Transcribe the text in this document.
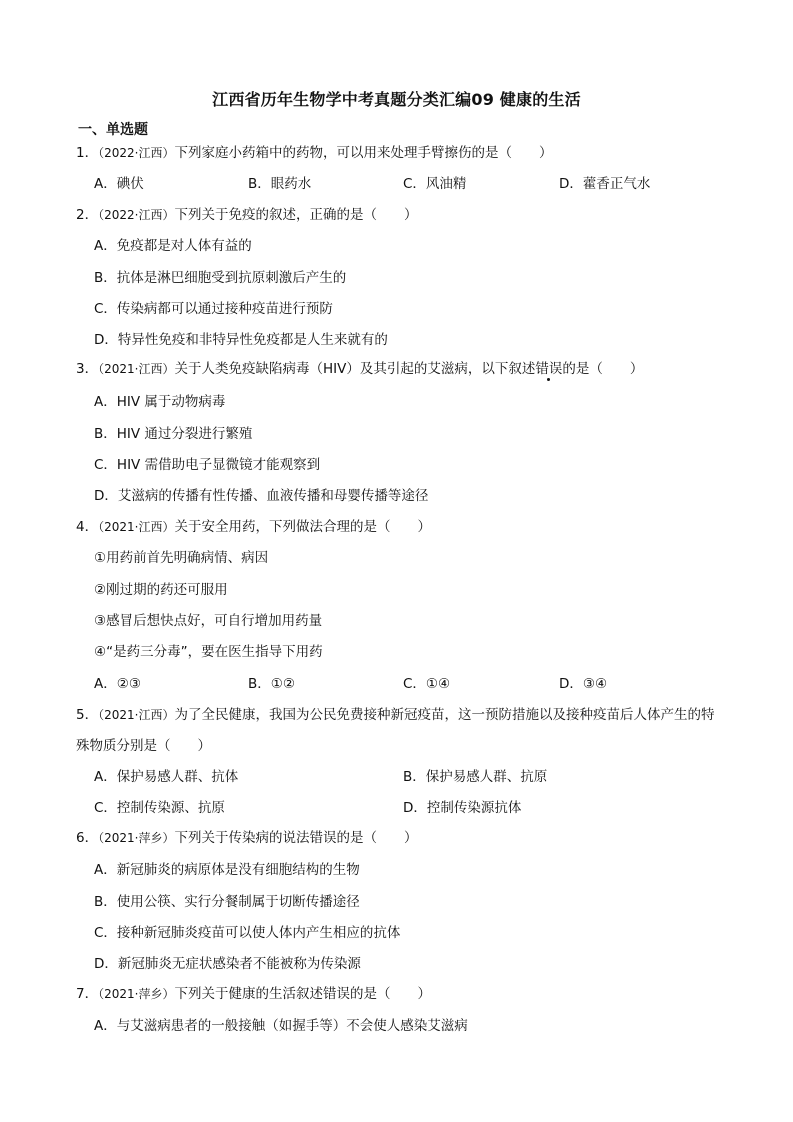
江西省历年生物学中考真题分类汇编09 健康的生活
一、单选题
1．（2022·江西）下列家庭小药箱中的药物，可以用来处理手臂擦伤的是（　　）
A．碘伏	B．眼药水	C．风油精	D．藿香正气水
2．（2022·江西）下列关于免疫的叙述，正确的是（　　）
A．免疫都是对人体有益的
B．抗体是淋巴细胞受到抗原刺激后产生的
C．传染病都可以通过接种疫苗进行预防
D．特异性免疫和非特异性免疫都是人生来就有的
3．（2021·江西）关于人类免疫缺陷病毒（HIV）及其引起的艾滋病，以下叙述错误的是（　　）
A．HIV 属于动物病毒
B．HIV 通过分裂进行繁殖
C．HIV 需借助电子显微镜才能观察到
D．艾滋病的传播有性传播、血液传播和母婴传播等途径
4．（2021·江西）关于安全用药，下列做法合理的是（　　）
①用药前首先明确病情、病因
②刚过期的药还可服用
③感冒后想快点好，可自行增加用药量
④“是药三分毒”，要在医生指导下用药
A．②③	B．①②	C．①④	D．③④
5．（2021·江西）为了全民健康，我国为公民免费接种新冠疫苗，这一预防措施以及接种疫苗后人体产生的特殊物质分别是（　　）
A．保护易感人群、抗体	B．保护易感人群、抗原
C．控制传染源、抗原	D．控制传染源抗体
6．（2021·萍乡）下列关于传染病的说法错误的是（　　）
A．新冠肺炎的病原体是没有细胞结构的生物
B．使用公筷、实行分餐制属于切断传播途径
C．接种新冠肺炎疫苗可以使人体内产生相应的抗体
D．新冠肺炎无症状感染者不能被称为传染源
7．（2021·萍乡）下列关于健康的生活叙述错误的是（　　）
A．与艾滋病患者的一般接触（如握手等）不会使人感染艾滋病
